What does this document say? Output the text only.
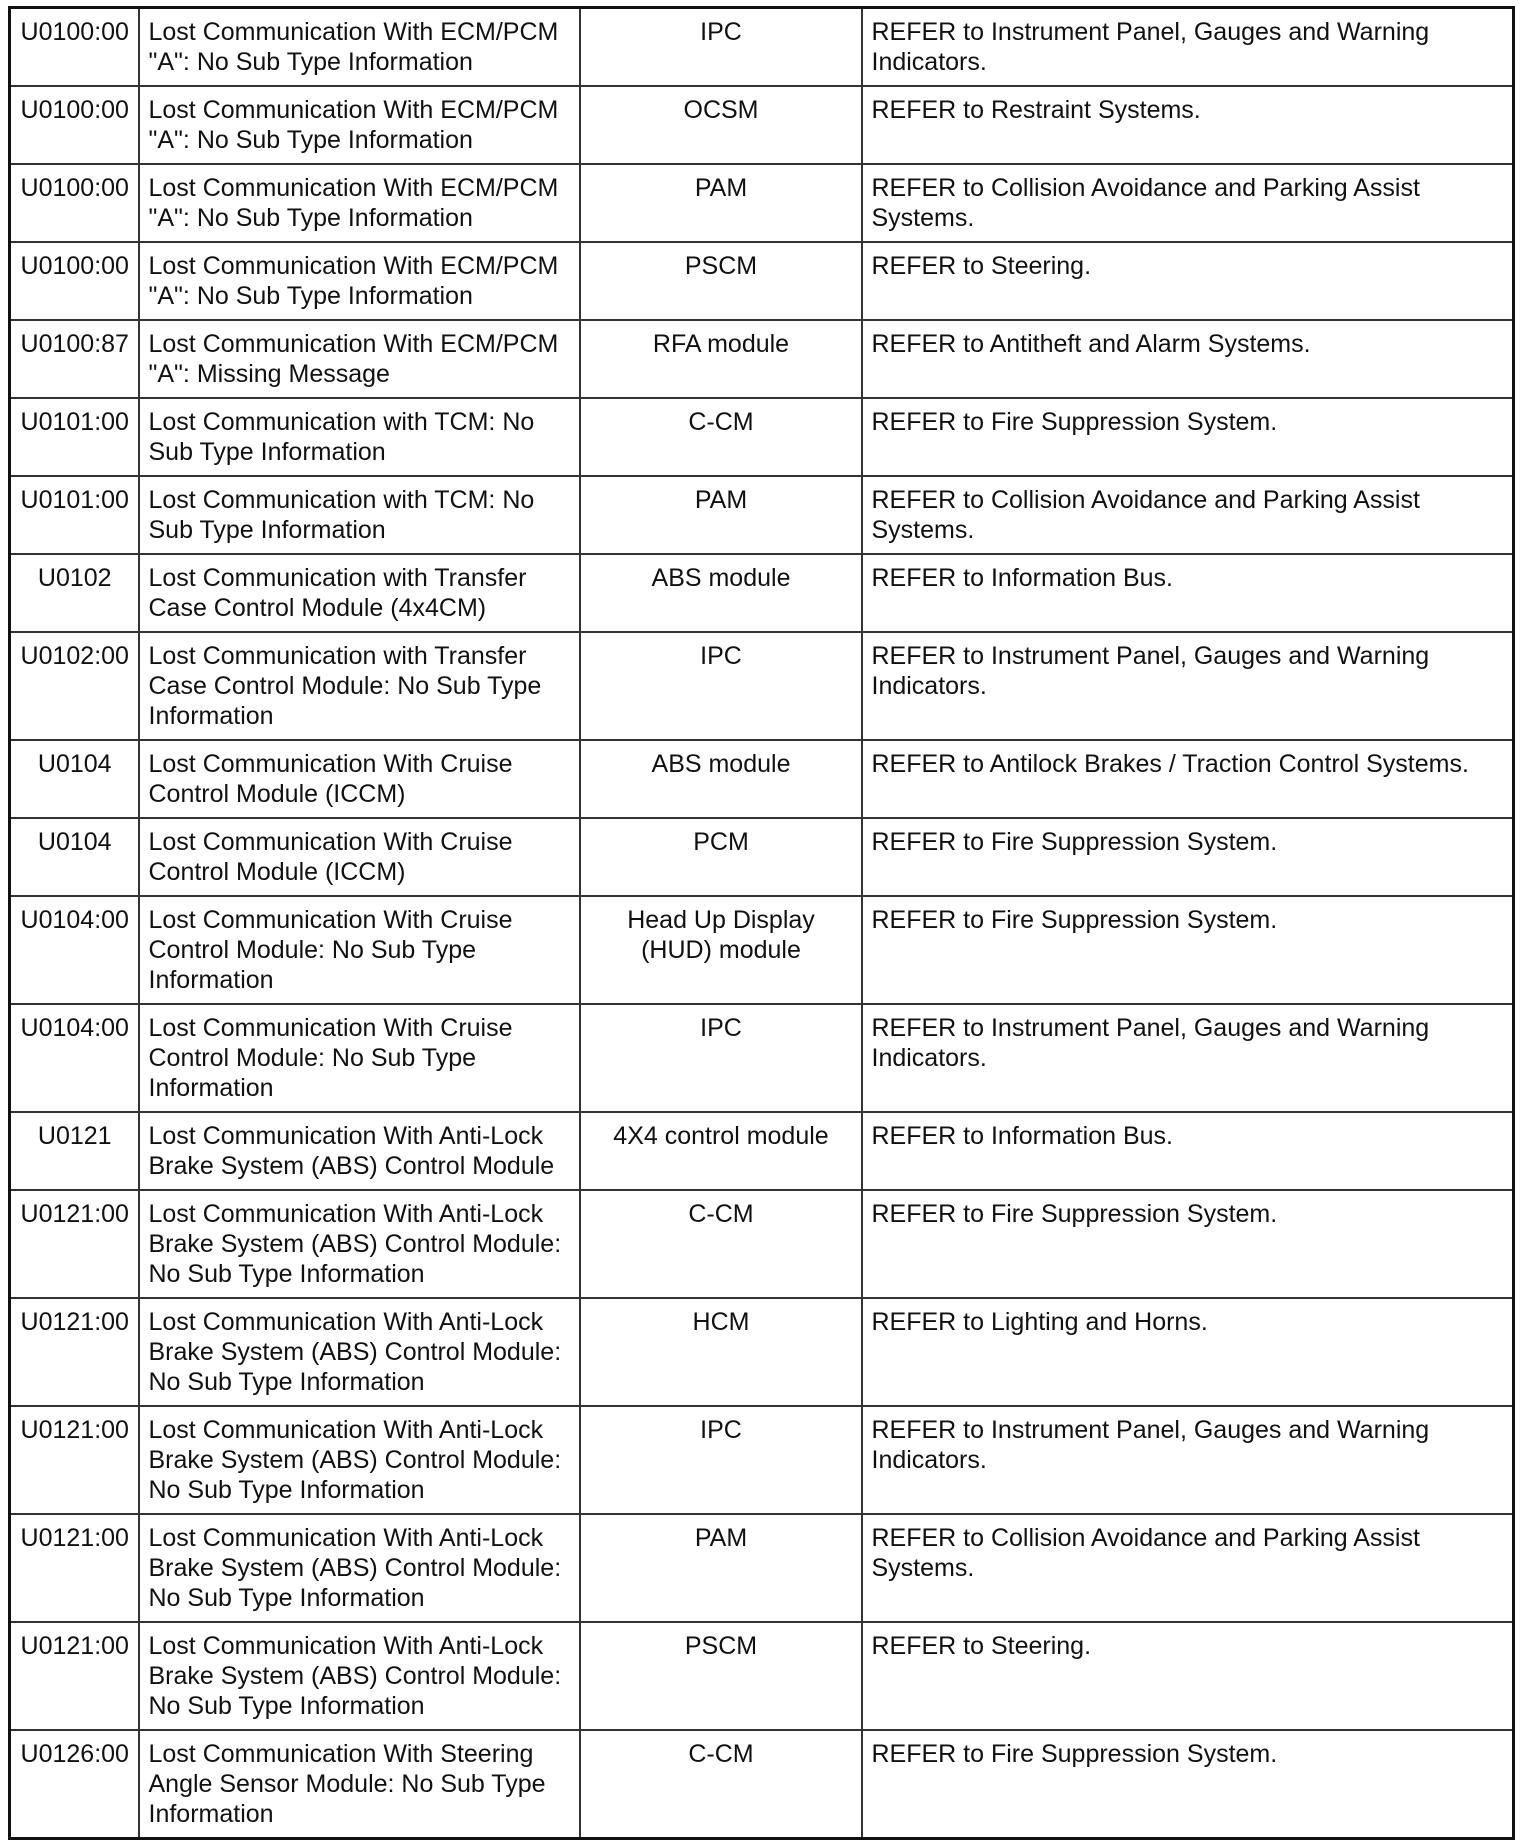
U0100:00	Lost Communication With ECM/PCM "A": No Sub Type Information	IPC	REFER to Instrument Panel, Gauges and Warning Indicators.
U0100:00	Lost Communication With ECM/PCM "A": No Sub Type Information	OCSM	REFER to Restraint Systems.
U0100:00	Lost Communication With ECM/PCM "A": No Sub Type Information	PAM	REFER to Collision Avoidance and Parking Assist Systems.
U0100:00	Lost Communication With ECM/PCM "A": No Sub Type Information	PSCM	REFER to Steering.
U0100:87	Lost Communication With ECM/PCM "A": Missing Message	RFA module	REFER to Antitheft and Alarm Systems.
U0101:00	Lost Communication with TCM: No Sub Type Information	C-CM	REFER to Fire Suppression System.
U0101:00	Lost Communication with TCM: No Sub Type Information	PAM	REFER to Collision Avoidance and Parking Assist Systems.
U0102	Lost Communication with Transfer Case Control Module (4x4CM)	ABS module	REFER to Information Bus.
U0102:00	Lost Communication with Transfer Case Control Module: No Sub Type Information	IPC	REFER to Instrument Panel, Gauges and Warning Indicators.
U0104	Lost Communication With Cruise Control Module (ICCM)	ABS module	REFER to Antilock Brakes / Traction Control Systems.
U0104	Lost Communication With Cruise Control Module (ICCM)	PCM	REFER to Fire Suppression System.
U0104:00	Lost Communication With Cruise Control Module: No Sub Type Information	Head Up Display (HUD) module	REFER to Fire Suppression System.
U0104:00	Lost Communication With Cruise Control Module: No Sub Type Information	IPC	REFER to Instrument Panel, Gauges and Warning Indicators.
U0121	Lost Communication With Anti-Lock Brake System (ABS) Control Module	4X4 control module	REFER to Information Bus.
U0121:00	Lost Communication With Anti-Lock Brake System (ABS) Control Module: No Sub Type Information	C-CM	REFER to Fire Suppression System.
U0121:00	Lost Communication With Anti-Lock Brake System (ABS) Control Module: No Sub Type Information	HCM	REFER to Lighting and Horns.
U0121:00	Lost Communication With Anti-Lock Brake System (ABS) Control Module: No Sub Type Information	IPC	REFER to Instrument Panel, Gauges and Warning Indicators.
U0121:00	Lost Communication With Anti-Lock Brake System (ABS) Control Module: No Sub Type Information	PAM	REFER to Collision Avoidance and Parking Assist Systems.
U0121:00	Lost Communication With Anti-Lock Brake System (ABS) Control Module: No Sub Type Information	PSCM	REFER to Steering.
U0126:00	Lost Communication With Steering Angle Sensor Module: No Sub Type Information	C-CM	REFER to Fire Suppression System.
